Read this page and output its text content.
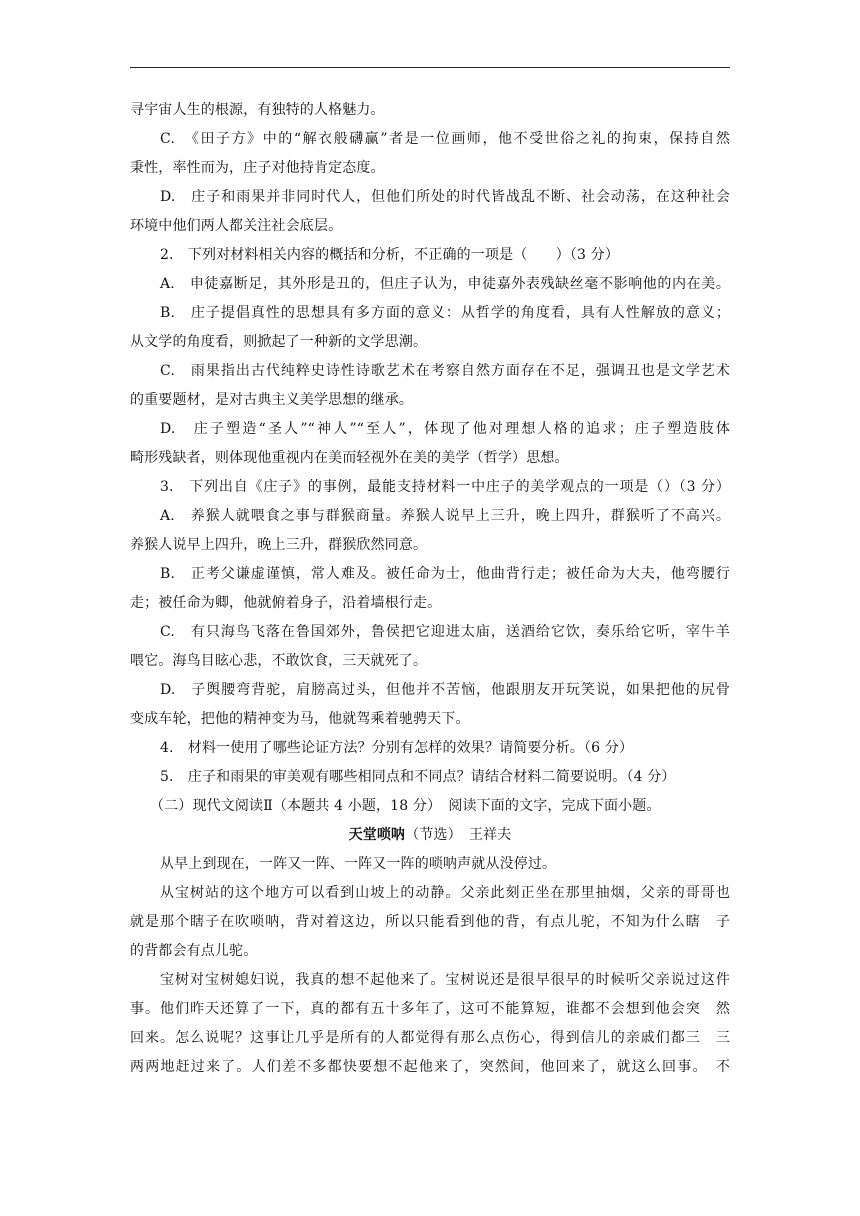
寻宇宙人生的根源，有独特的人格魅力。
C.　《田子方》中的“解衣般礴赢”者是一位画师，他不受世俗之礼的拘束，保持自然
秉性，率性而为，庄子对他持肯定态度。
D.　庄子和雨果并非同时代人，但他们所处的时代皆战乱不断、社会动荡，在这种社会
环境中他们两人都关注社会底层。
2.　下列对材料相关内容的概括和分析，不正确的一项是（　　）（3 分）
A.　申徒嘉断足，其外形是丑的，但庄子认为，申徒嘉外表残缺丝毫不影响他的内在美。
B.　庄子提倡真性的思想具有多方面的意义：从哲学的角度看，具有人性解放的意义；
从文学的角度看，则掀起了一种新的文学思潮。
C.　雨果指出古代纯粹史诗性诗歌艺术在考察自然方面存在不足，强调丑也是文学艺术
的重要题材，是对古典主义美学思想的继承。
D.　庄子塑造“圣人”“神人”“至人”，体现了他对理想人格的追求；庄子塑造肢体
畸形残缺者，则体现他重视内在美而轻视外在美的美学（哲学）思想。
3.　下列出自《庄子》的事例，最能支持材料一中庄子的美学观点的一项是（）（3 分）
A.　养猴人就喂食之事与群猴商量。养猴人说早上三升，晚上四升，群猴听了不高兴。
养猴人说早上四升，晚上三升，群猴欣然同意。
B.　正考父谦虚谨慎，常人难及。被任命为士，他曲背行走；被任命为大夫，他弯腰行
走；被任命为卿，他就俯着身子，沿着墙根行走。
C.　有只海鸟飞落在鲁国郊外，鲁侯把它迎进太庙，送酒给它饮，奏乐给它听，宰牛羊
喂它。海鸟目眩心悲，不敢饮食，三天就死了。
D.　子舆腰弯背驼，肩膀高过头，但他并不苦恼，他跟朋友开玩笑说，如果把他的尻骨
变成车轮，把他的精神变为马，他就驾乘着驰骋天下。
4.　材料一使用了哪些论证方法？分别有怎样的效果？请简要分析。（6 分）
5.　庄子和雨果的审美观有哪些相同点和不同点？请结合材料二简要说明。（4 分）
（二）现代文阅读Ⅱ（本题共 4 小题，18 分）　阅读下面的文字，完成下面小题。
天堂唢呐（节选）　 王祥夫
从早上到现在，一阵又一阵、一阵又一阵的唢呐声就从没停过。
从宝树站的这个地方可以看到山坡上的动静。父亲此刻正坐在那里抽烟，父亲的哥哥也
就是那个瞎子在吹唢呐，背对着这边，所以只能看到他的背，有点儿驼，不知为什么瞎　子
的背都会有点儿驼。
宝树对宝树媳妇说，我真的想不起他来了。宝树说还是很早很早的时候听父亲说过这件
事。他们昨天还算了一下，真的都有五十多年了，这可不能算短，谁都不会想到他会突　然
回来。怎么说呢？这事让几乎是所有的人都觉得有那么点伤心，得到信儿的亲戚们都三　三
两两地赶过来了。人们差不多都快要想不起他来了，突然间，他回来了，就这么回事。　不
